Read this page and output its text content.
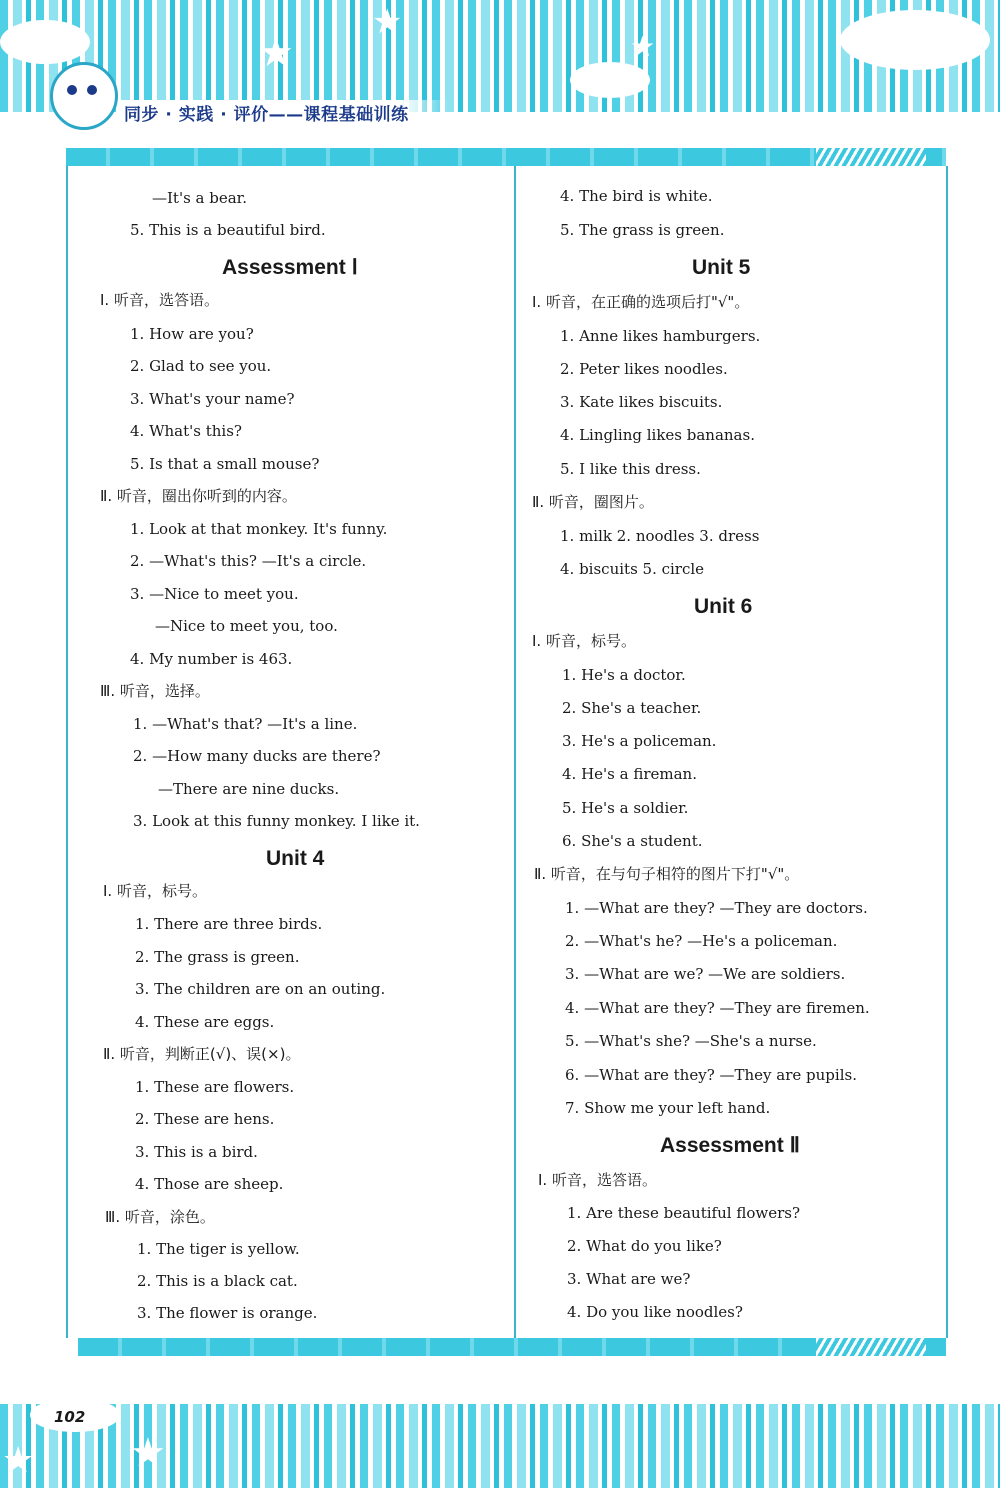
★
★
★
同步 · 实践 · 评价——课程基础训练
—It's a bear.
5. This is a beautiful bird.
Assessment Ⅰ
Ⅰ. 听音，选答语。
1. How are you?
2. Glad to see you.
3. What's your name?
4. What's this?
5. Is that a small mouse?
Ⅱ. 听音，圈出你听到的内容。
1. Look at that monkey. It's funny.
2. —What's this? —It's a circle.
3. —Nice to meet you.
—Nice to meet you, too.
4. My number is 463.
Ⅲ. 听音，选择。
1. —What's that? —It's a line.
2. —How many ducks are there?
—There are nine ducks.
3. Look at this funny monkey. I like it.
Unit 4
Ⅰ. 听音，标号。
1. There are three birds.
2. The grass is green.
3. The children are on an outing.
4. These are eggs.
Ⅱ. 听音，判断正(√)、误(×)。
1. These are flowers.
2. These are hens.
3. This is a bird.
4. Those are sheep.
Ⅲ. 听音，涂色。
1. The tiger is yellow.
2. This is a black cat.
3. The flower is orange.
4. The bird is white.
5. The grass is green.
Unit 5
Ⅰ. 听音，在正确的选项后打"√"。
1. Anne likes hamburgers.
2. Peter likes noodles.
3. Kate likes biscuits.
4. Lingling likes bananas.
5. I like this dress.
Ⅱ. 听音，圈图片。
1. milk 2. noodles 3. dress
4. biscuits 5. circle
Unit 6
Ⅰ. 听音，标号。
1. He's a doctor.
2. She's a teacher.
3. He's a policeman.
4. He's a fireman.
5. He's a soldier.
6. She's a student.
Ⅱ. 听音，在与句子相符的图片下打"√"。
1. —What are they? —They are doctors.
2. —What's he? —He's a policeman.
3. —What are we? —We are soldiers.
4. —What are they? —They are firemen.
5. —What's she? —She's a nurse.
6. —What are they? —They are pupils.
7. Show me your left hand.
Assessment Ⅱ
Ⅰ. 听音，选答语。
1. Are these beautiful flowers?
2. What do you like?
3. What are we?
4. Do you like noodles?
102
★
★
